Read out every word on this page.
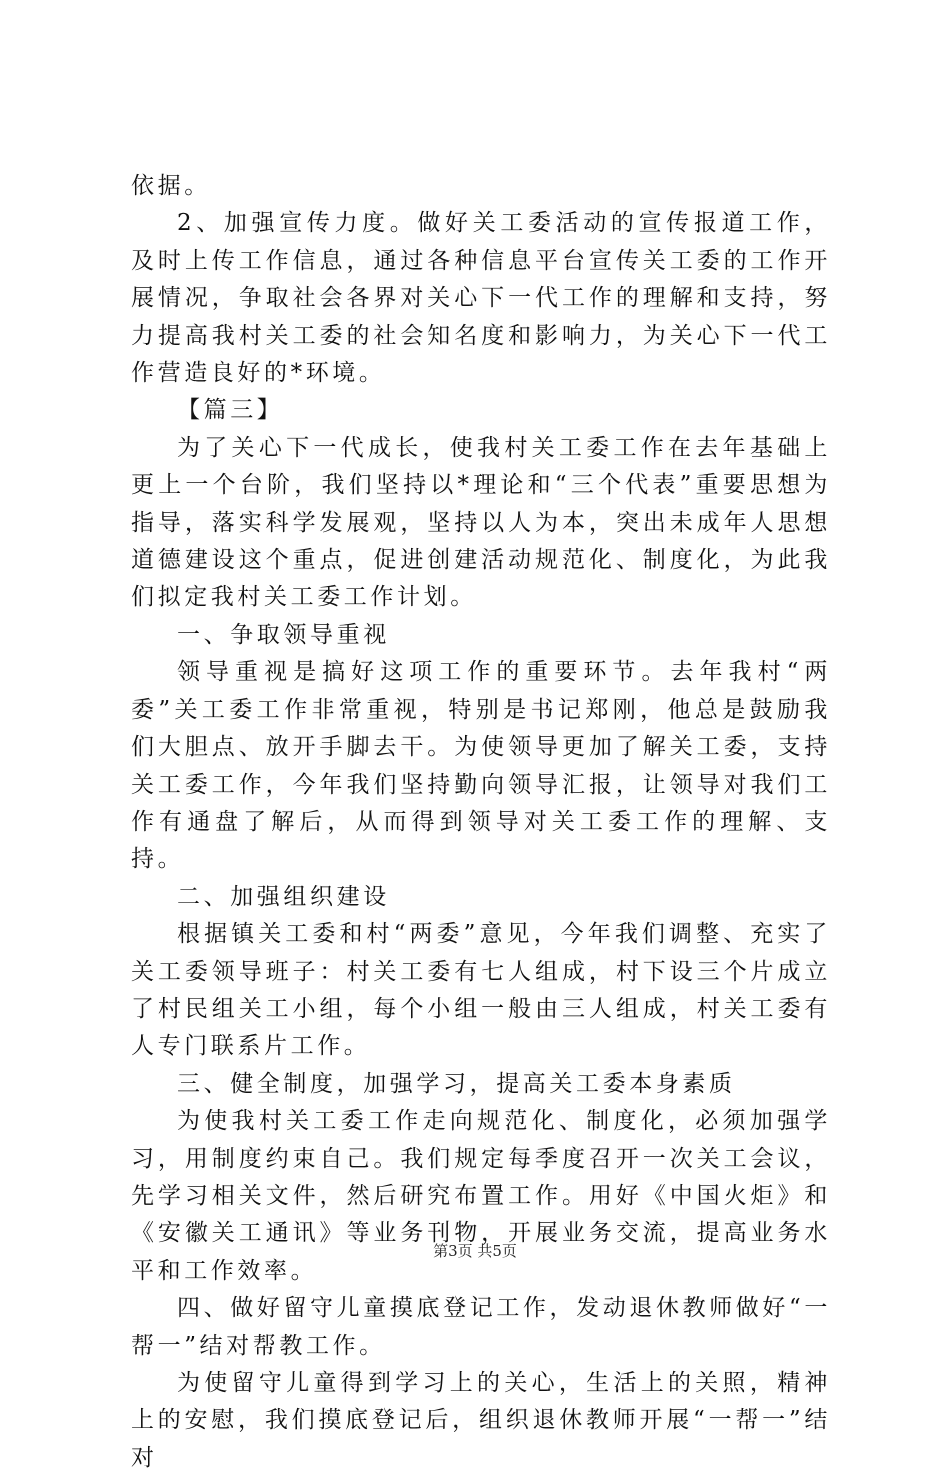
依据。

2、加强宣传力度。做好关工委活动的宣传报道工作，及时上传工作信息，通过各种信息平台宣传关工委的工作开展情况，争取社会各界对关心下一代工作的理解和支持，努力提高我村关工委的社会知名度和影响力，为关心下一代工作营造良好的*环境。

【篇三】

为了关心下一代成长，使我村关工委工作在去年基础上更上一个台阶，我们坚持以*理论和“三个代表”重要思想为指导，落实科学发展观，坚持以人为本，突出未成年人思想道德建设这个重点，促进创建活动规范化、制度化，为此我们拟定我村关工委工作计划。

一、争取领导重视

领导重视是搞好这项工作的重要环节。去年我村“两委”关工委工作非常重视，特别是书记郑刚，他总是鼓励我们大胆点、放开手脚去干。为使领导更加了解关工委，支持关工委工作，今年我们坚持勤向领导汇报，让领导对我们工作有通盘了解后，从而得到领导对关工委工作的理解、支持。

二、加强组织建设

根据镇关工委和村“两委”意见，今年我们调整、充实了关工委领导班子：村关工委有七人组成，村下设三个片成立了村民组关工小组，每个小组一般由三人组成，村关工委有人专门联系片工作。

三、健全制度，加强学习，提高关工委本身素质

为使我村关工委工作走向规范化、制度化，必须加强学习，用制度约束自己。我们规定每季度召开一次关工会议，先学习相关文件，然后研究布置工作。用好《中国火炬》和《安徽关工通讯》等业务刊物，开展业务交流，提高业务水平和工作效率。

四、做好留守儿童摸底登记工作，发动退休教师做好“一帮一”结对帮教工作。

为使留守儿童得到学习上的关心，生活上的关照，精神上的安慰，我们摸底登记后，组织退休教师开展“一帮一”结对

第3页 共5页
